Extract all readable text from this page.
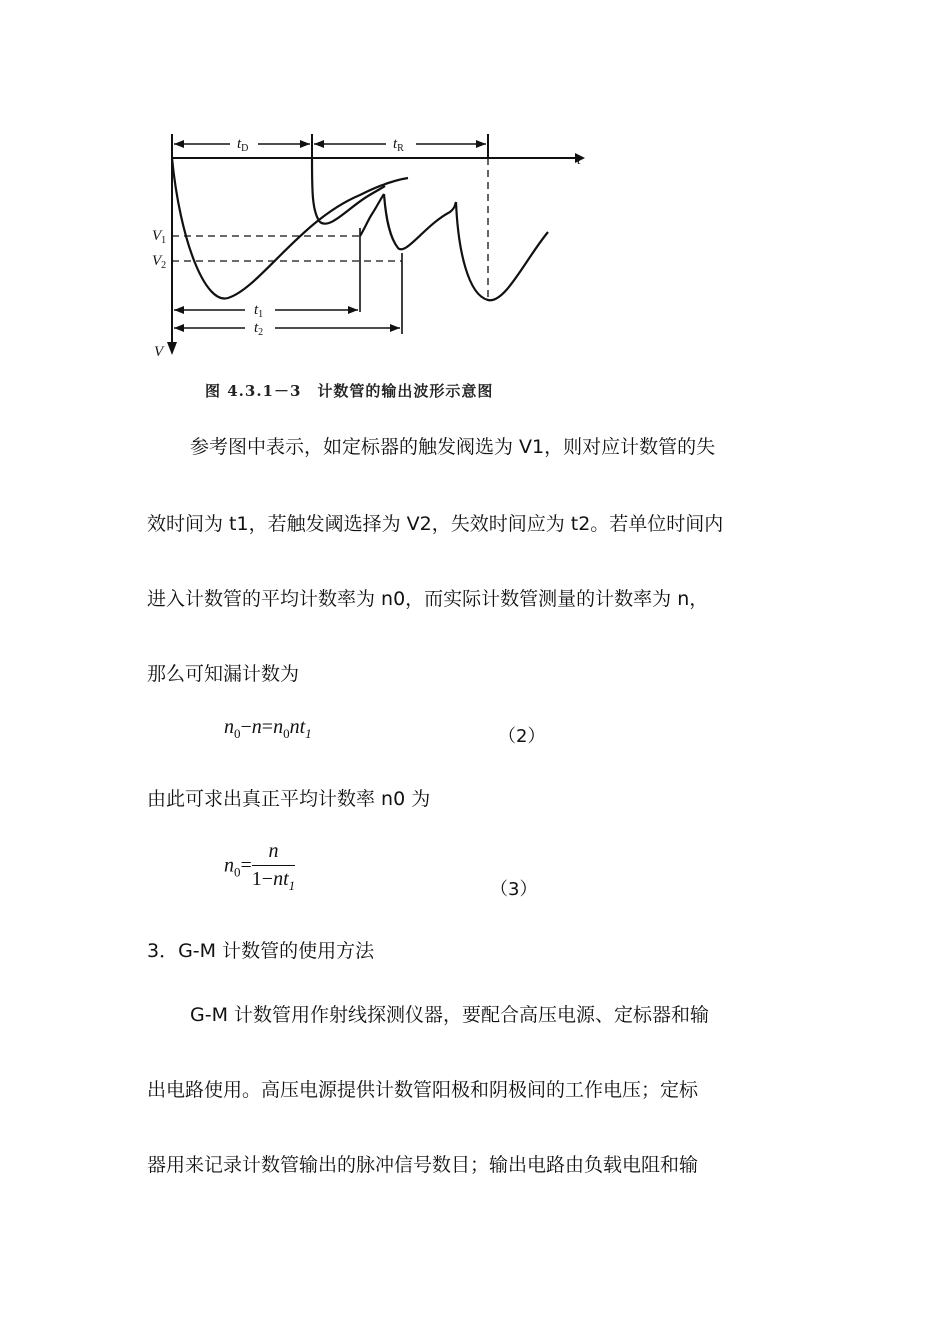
$t_D$	$t_R$
t
$V_1$
$V_2$
$t_1$
$t_2$
V
图 4.3.1－3　计数管的输出波形示意图
参考图中表示，如定标器的触发阀选为 V1，则对应计数管的失
效时间为 t1，若触发阈选择为 V2，失效时间应为 t2。若单位时间内
进入计数管的平均计数率为 n0，而实际计数管测量的计数率为 n，
那么可知漏计数为
$n_0-n=n_0nt_1$	（2）
由此可求出真正平均计数率 n0 为
$n_0= \frac{n}{1-nt_1}$	（3）
3．G-M 计数管的使用方法
G-M 计数管用作射线探测仪器，要配合高压电源、定标器和输
出电路使用。高压电源提供计数管阳极和阴极间的工作电压；定标
器用来记录计数管输出的脉冲信号数目；输出电路由负载电阻和输
